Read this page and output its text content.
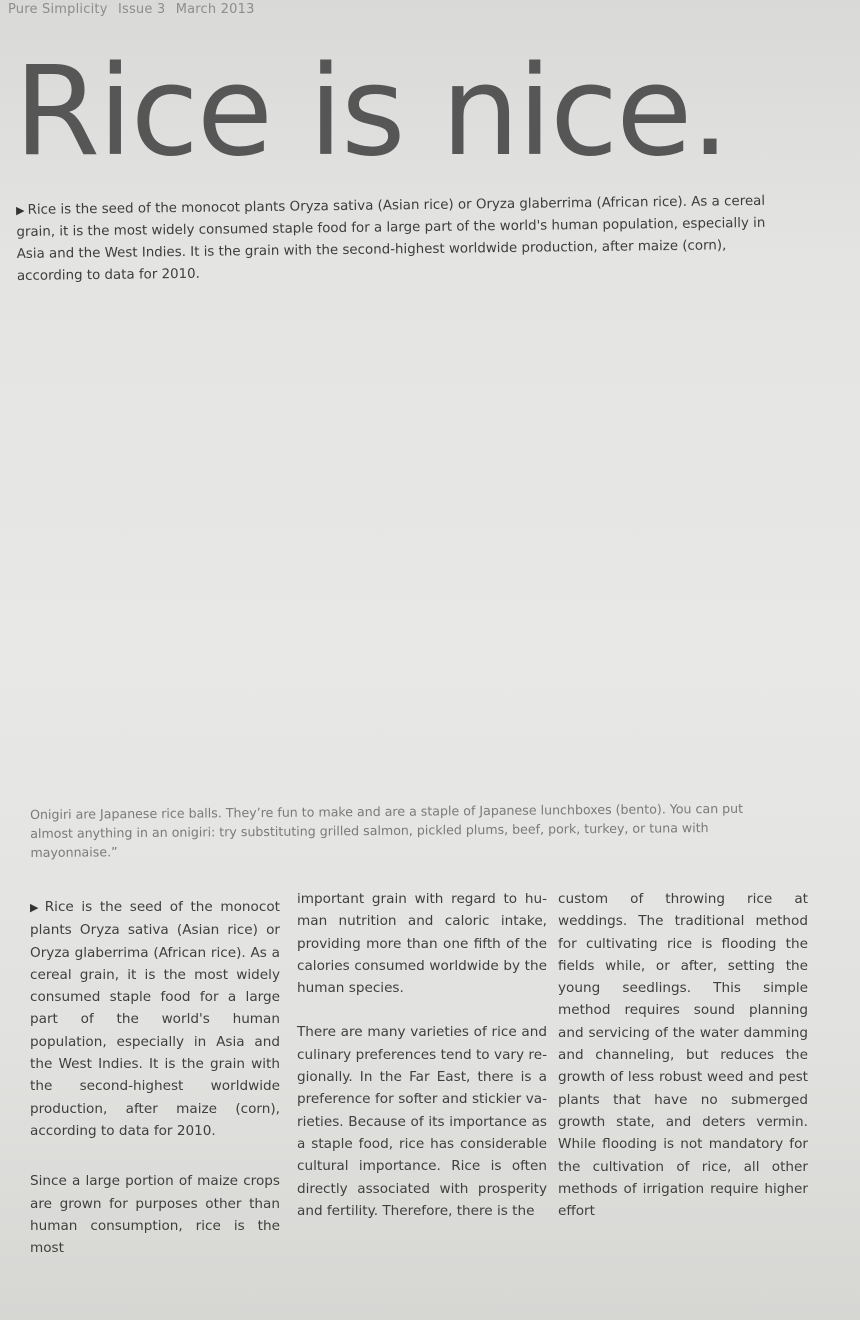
Pure Simplicity Issue 3 March 2013
Rice is nice.

▶ Rice is the seed of the monocot plants Oryza sativa (Asian rice) or Oryza glaberrima (African rice). As a cereal grain, it is the most widely consumed staple food for a large part of the world's human population, especially in Asia and the West Indies. It is the grain with the second-highest worldwide production, after maize (corn), according to data for 2010.

Onigiri are Japanese rice balls. They’re fun to make and are a staple of Japanese lunchboxes (bento). You can put almost anything in an onigiri: try substituting grilled salmon, pickled plums, beef, pork, turkey, or tuna with mayonnaise.”

▶ Rice is the seed of the monocot plants Oryza sativa (Asian rice) or Oryza glaberrima (African rice). As a cereal grain, it is the most widely consumed staple food for a large part of the world's human population, especially in Asia and the West Indies. It is the grain with the second-highest worldwide production, after maize (corn), according to data for 2010.

Since a large portion of maize crops are grown for purposes other than human consumption, rice is the most

important grain with regard to human nutrition and caloric intake, providing more than one fifth of the calories consumed worldwide by the human species.

There are many varieties of rice and culinary preferences tend to vary regionally. In the Far East, there is a preference for softer and stickier varieties. Because of its importance as a staple food, rice has considerable cultural importance. Rice is often directly associated with prosperity and fertility. Therefore, there is the

custom of throwing rice at weddings. The traditional method for cultivating rice is flooding the fields while, or after, setting the young seedlings. This simple method requires sound planning and servicing of the water damming and channeling, but reduces the growth of less robust weed and pest plants that have no submerged growth state, and deters vermin. While flooding is not mandatory for the cultivation of rice, all other methods of irrigation require higher effort
